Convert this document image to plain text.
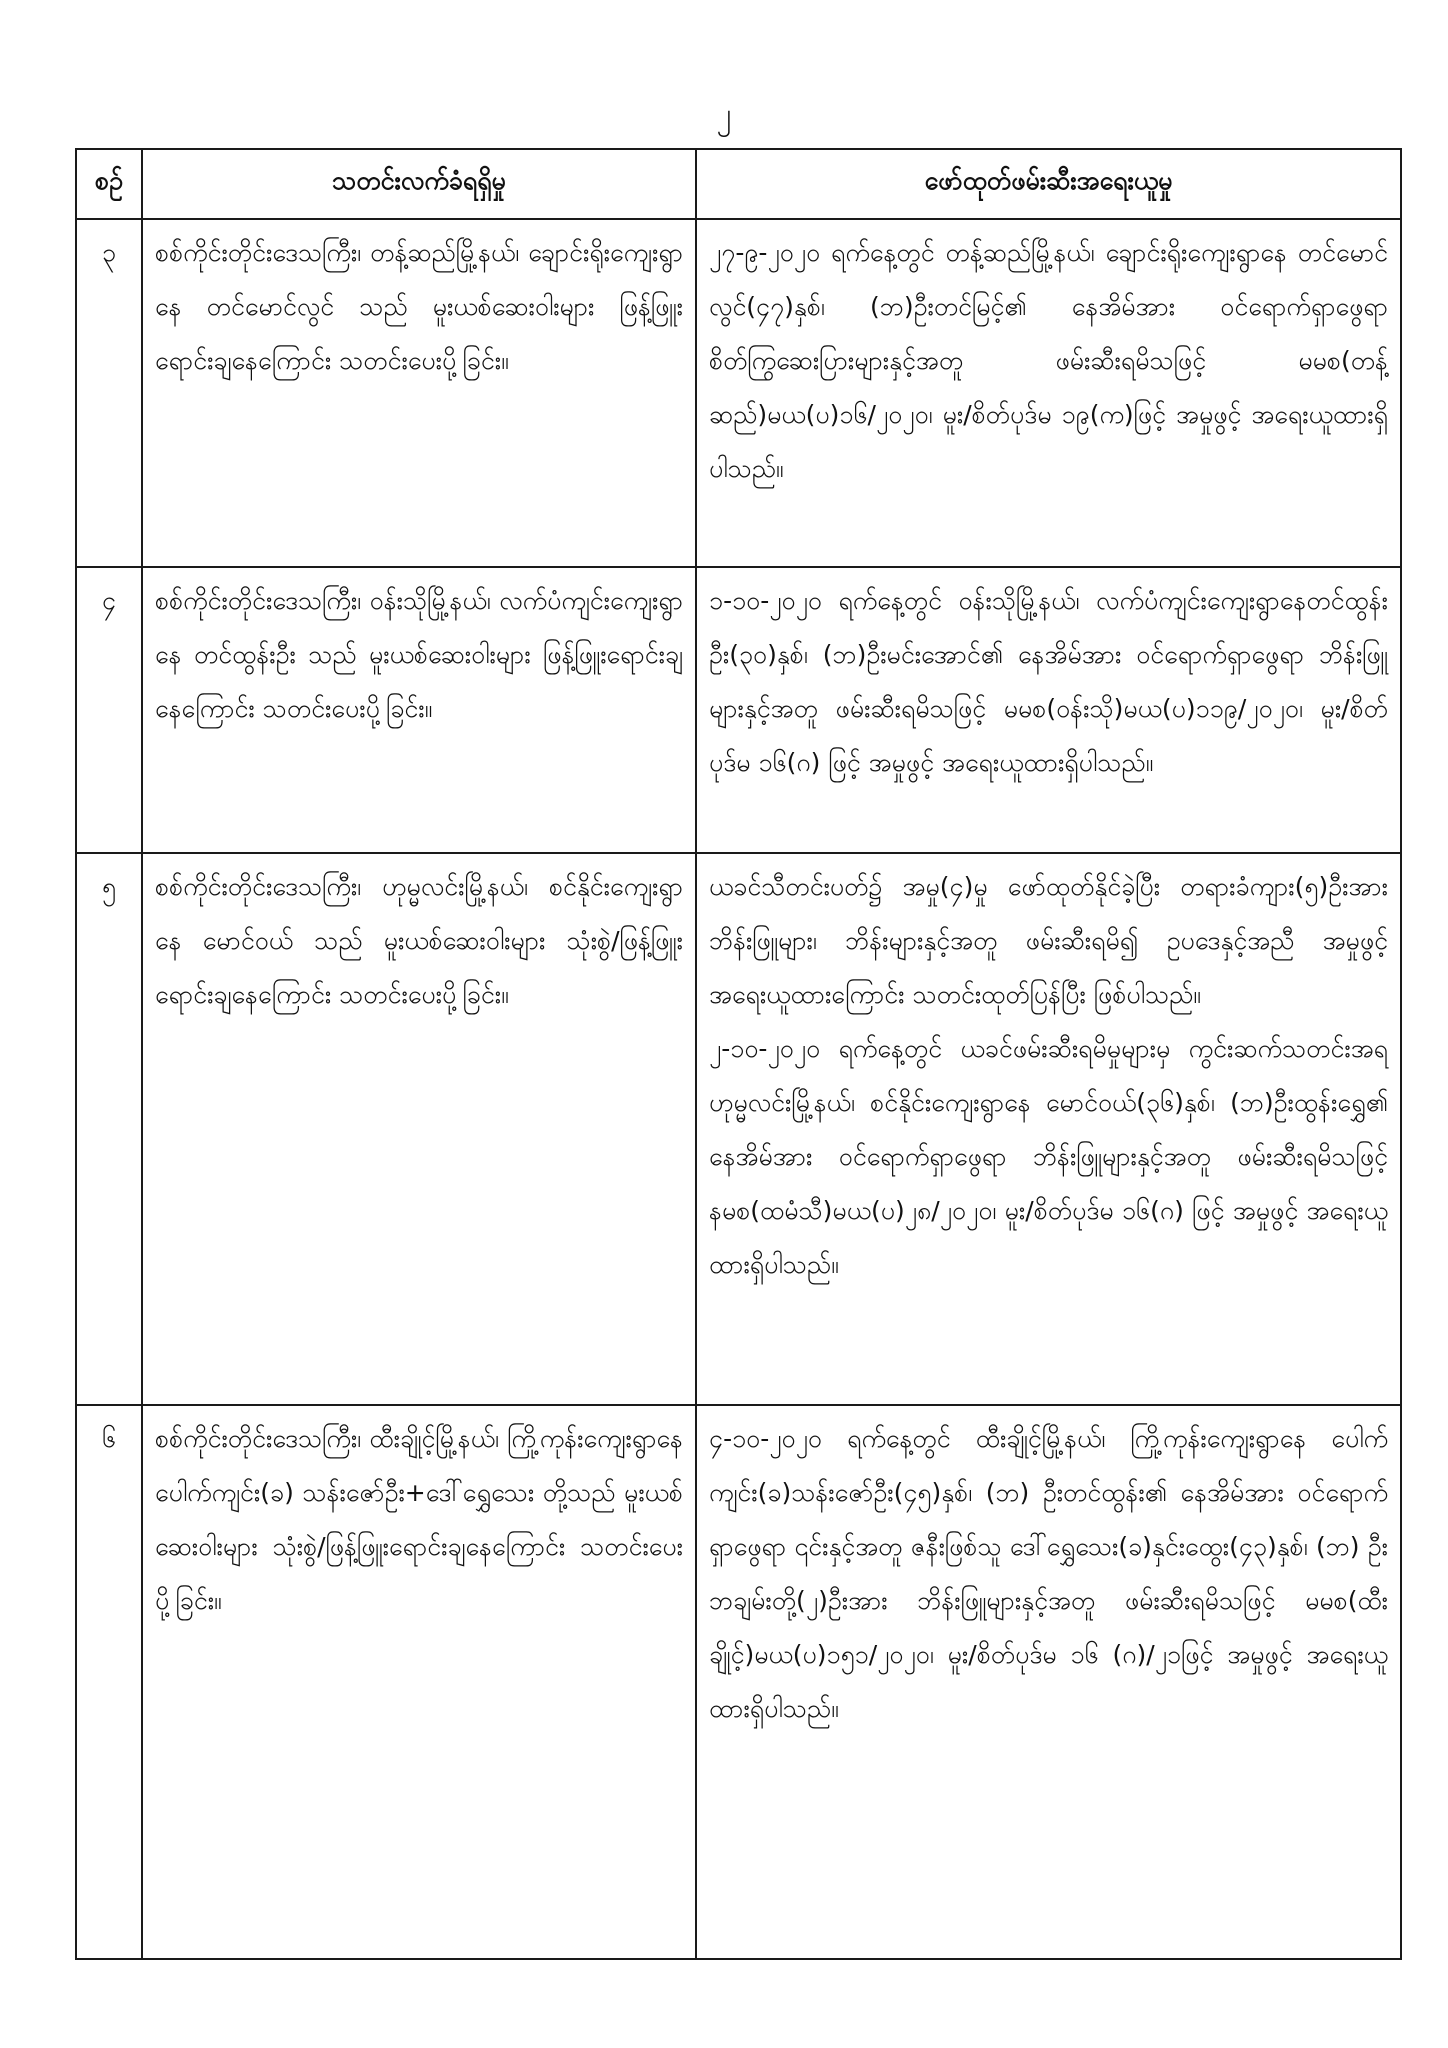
၂
စဉ်	သတင်းလက်ခံရရှိမှု	ဖော်ထုတ်ဖမ်းဆီးအရေးယူမှု
၃	စစ်ကိုင်းတိုင်းဒေသကြီး၊ တန့်ဆည်မြို့နယ်၊ ချောင်းရိုးကျေးရွာနေ တင်မောင်လွင် သည် မူးယစ်ဆေးဝါးများ ဖြန့်ဖြူး ရောင်းချနေကြောင်း သတင်းပေးပို့ခြင်း။	၂၇-၉-၂၀၂၀ ရက်နေ့တွင် တန့်ဆည်မြို့နယ်၊ ချောင်းရိုးကျေးရွာနေ တင်မောင်လွင်(၄၇)နှစ်၊ (ဘ)ဦးတင်မြင့်၏ နေအိမ်အား ဝင်ရောက်ရှာဖွေရာ စိတ်ကြွဆေးပြားများနှင့်အတူ ဖမ်းဆီးရမိသဖြင့် မမစ(တန့်ဆည်)မယ(ပ)၁၆/၂၀၂၀၊ မူး/စိတ်ပုဒ်မ ၁၉(က)ဖြင့် အမှုဖွင့် အရေးယူထားရှိပါသည်။

၄	စစ်ကိုင်းတိုင်းဒေသကြီး၊ ဝန်းသိုမြို့နယ်၊ လက်ပံကျင်းကျေးရွာနေ တင်ထွန်းဦး သည် မူးယစ်ဆေးဝါးများ ဖြန့်ဖြူးရောင်းချနေကြောင်း သတင်းပေးပို့ခြင်း။	၁-၁၀-၂၀၂၀ ရက်နေ့တွင် ဝန်းသိုမြို့နယ်၊ လက်ပံကျင်းကျေးရွာနေတင်ထွန်းဦး(၃၀)နှစ်၊ (ဘ)ဦးမင်းအောင်၏ နေအိမ်အား ဝင်ရောက်ရှာဖွေရာ ဘိန်းဖြူများနှင့်အတူ ဖမ်းဆီးရမိသဖြင့် မမစ(ဝန်းသို)မယ(ပ)၁၁၉/၂၀၂၀၊ မူး/စိတ်ပုဒ်မ ၁၆(ဂ) ဖြင့် အမှုဖွင့် အရေးယူထားရှိပါသည်။

၅	စစ်ကိုင်းတိုင်းဒေသကြီး၊ ဟုမ္မလင်းမြို့နယ်၊ စင်နိုင်းကျေးရွာနေ မောင်ဝယ် သည် မူးယစ်ဆေးဝါးများ သုံးစွဲ/ဖြန့်ဖြူး ရောင်းချနေကြောင်း သတင်းပေးပို့ခြင်း။	ယခင်သီတင်းပတ်၌ အမှု(၄)မှု ဖော်ထုတ်နိုင်ခဲ့ပြီး တရားခံကျား(၅)ဦးအား ဘိန်းဖြူများ၊ ဘိန်းများနှင့်အတူ ဖမ်းဆီးရမိ၍ ဥပဒေနှင့်အညီ အမှုဖွင့်အရေးယူထားကြောင်း သတင်းထုတ်ပြန်ပြီး ဖြစ်ပါသည်။
၂-၁၀-၂၀၂၀ ရက်နေ့တွင် ယခင်ဖမ်းဆီးရမိမှုများမှ ကွင်းဆက်သတင်းအရ ဟုမ္မလင်းမြို့နယ်၊ စင်နိုင်းကျေးရွာနေ မောင်ဝယ်(၃၆)နှစ်၊ (ဘ)ဦးထွန်းရွှေ၏ နေအိမ်အား ဝင်ရောက်ရှာဖွေရာ ဘိန်းဖြူများနှင့်အတူ ဖမ်းဆီးရမိသဖြင့် နမစ(ထမံသီ)မယ(ပ)၂၈/၂၀၂၀၊ မူး/စိတ်ပုဒ်မ ၁၆(ဂ) ဖြင့် အမှုဖွင့် အရေးယူထားရှိပါသည်။

၆	စစ်ကိုင်းတိုင်းဒေသကြီး၊ ထီးချိုင့်မြို့နယ်၊ ကြို့ကုန်းကျေးရွာနေ ပေါက်ကျင်း(ခ) သန်းဇော်ဦး+ဒေါ်ရွှေသေး တို့သည် မူးယစ်ဆေးဝါးများ သုံးစွဲ/ဖြန့်ဖြူးရောင်းချနေကြောင်း သတင်းပေးပို့ခြင်း။	၄-၁၀-၂၀၂၀ ရက်နေ့တွင် ထီးချိုင့်မြို့နယ်၊ ကြို့ကုန်းကျေးရွာနေ ပေါက်ကျင်း(ခ)သန်းဇော်ဦး(၄၅)နှစ်၊ (ဘ) ဦးတင်ထွန်း၏ နေအိမ်အား ဝင်ရောက်ရှာဖွေရာ ၎င်းနှင့်အတူ ဇနီးဖြစ်သူ ဒေါ်ရွှေသေး(ခ)နှင်းထွေး(၄၃)နှစ်၊ (ဘ) ဦးဘချမ်းတို့(၂)ဦးအား ဘိန်းဖြူများနှင့်အတူ ဖမ်းဆီးရမိသဖြင့် မမစ(ထီးချိုင့်)မယ(ပ)၁၅၁/၂၀၂၀၊ မူး/စိတ်ပုဒ်မ ၁၆ (ဂ)/၂၁ဖြင့် အမှုဖွင့် အရေးယူထားရှိပါသည်။
